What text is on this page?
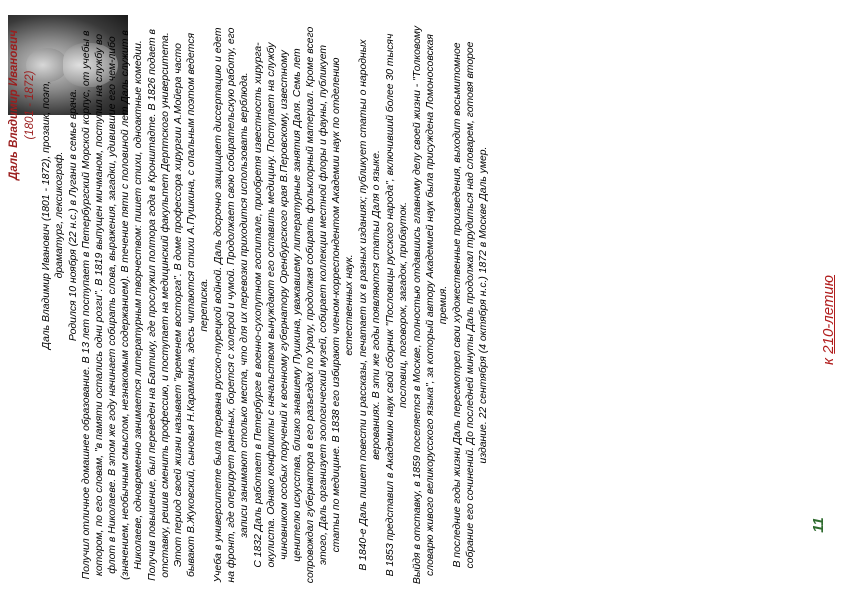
Даль Владимир Иванович (1801 - 1872) Даль Владимир Иванович (1801 - 1872), прозаик, поэт, драматург, лексикограф. Родился 10 ноября (22 н.с.) в Лугани в семье врача. Получил отличное домашнее образование. В 13 лет поступает в Петербургский Морской корпус, от учебы в котором, по его словам, "в памяти остались одни розги". В 1819 выпущен мичманом, поступил на службу во флот в Николаеве. В этом же году начинает собирать слова, выражения, загадки, удивившие его чем-либо (значением, необычным смыслом, незнакомым содержанием). В течение пяти с половиной лет Даль служит в Николаеве, одновременно занимается литературным творчеством: пишет стихи, одноактные комедии. Получив повышение, был переведен на Балтику, где прослужил полтора года в Кронштадте. В 1826 подает в отставку, решив сменить профессию, и поступает на медицинский факультет Дерптского университета. Этот период своей жизни называет "временем восторга". В доме профессора хирургии А.Мойера часто бывают В.Жуковский, сыновья Н.Карамзина, здесь читаются стихи А.Пушкина, с опальным поэтом ведется переписка. Учеба в университете была прервана русско-турецкой войной. Даль досрочно защищает диссертацию и едет на фронт, где оперирует раненых, борется с холерой и чумой. Продолжает свою собирательскую работу, его записи занимают столько места, что для их перевозки приходится использовать верблюда. С 1832 Даль работает в Петербурге в военно-сухопутном госпитале, приобретя известность хирурга-окулиста. Однако конфликты с начальством вынуждают его оставить медицину. Поступает на службу чиновником особых поручений к военному губернатору Оренбургского края В.Перовскому, известному ценителю искусства, близко знавшему Пушкина, уважавшему литературные занятия Даля. Семь лет сопровождал губернатора в его разъездах по Уралу, продолжая собирать фольклорный материал. Кроме всего этого, Даль организует зоологический музей, собирает коллекции местной флоры и фауны, публикует статьи по медицине. В 1838 его избирают членом-корреспондентом Академии наук по отделению естественных наук. В 1840-е Даль пишет повести и рассказы, печатает их в разных изданиях; публикует статьи о народных верованиях. В эти же годы появляются статьи Даля о языке. В 1853 представил в Академию наук свой сборник "Пословицы русского народа", включивший более 30 тысяч пословиц, поговорок, загадок, прибауток. Выйдя в отставку, в 1859 поселяется в Москве, полностью отдавшись главному делу своей жизни - "Толковому словарю живого великорусского языка", за который автору Академией наук была присуждена Ломоносовская премия. В последние годы жизни Даль пересмотрел свои художественные произведения, выходит восьмитомное собрание его сочинений. До последней минуты Даль продолжал трудиться над словарем, готовя второе издание. 22 сентября (4 октября н.с.) 1872 в Москве Даль умер.	к 210-летию
11
